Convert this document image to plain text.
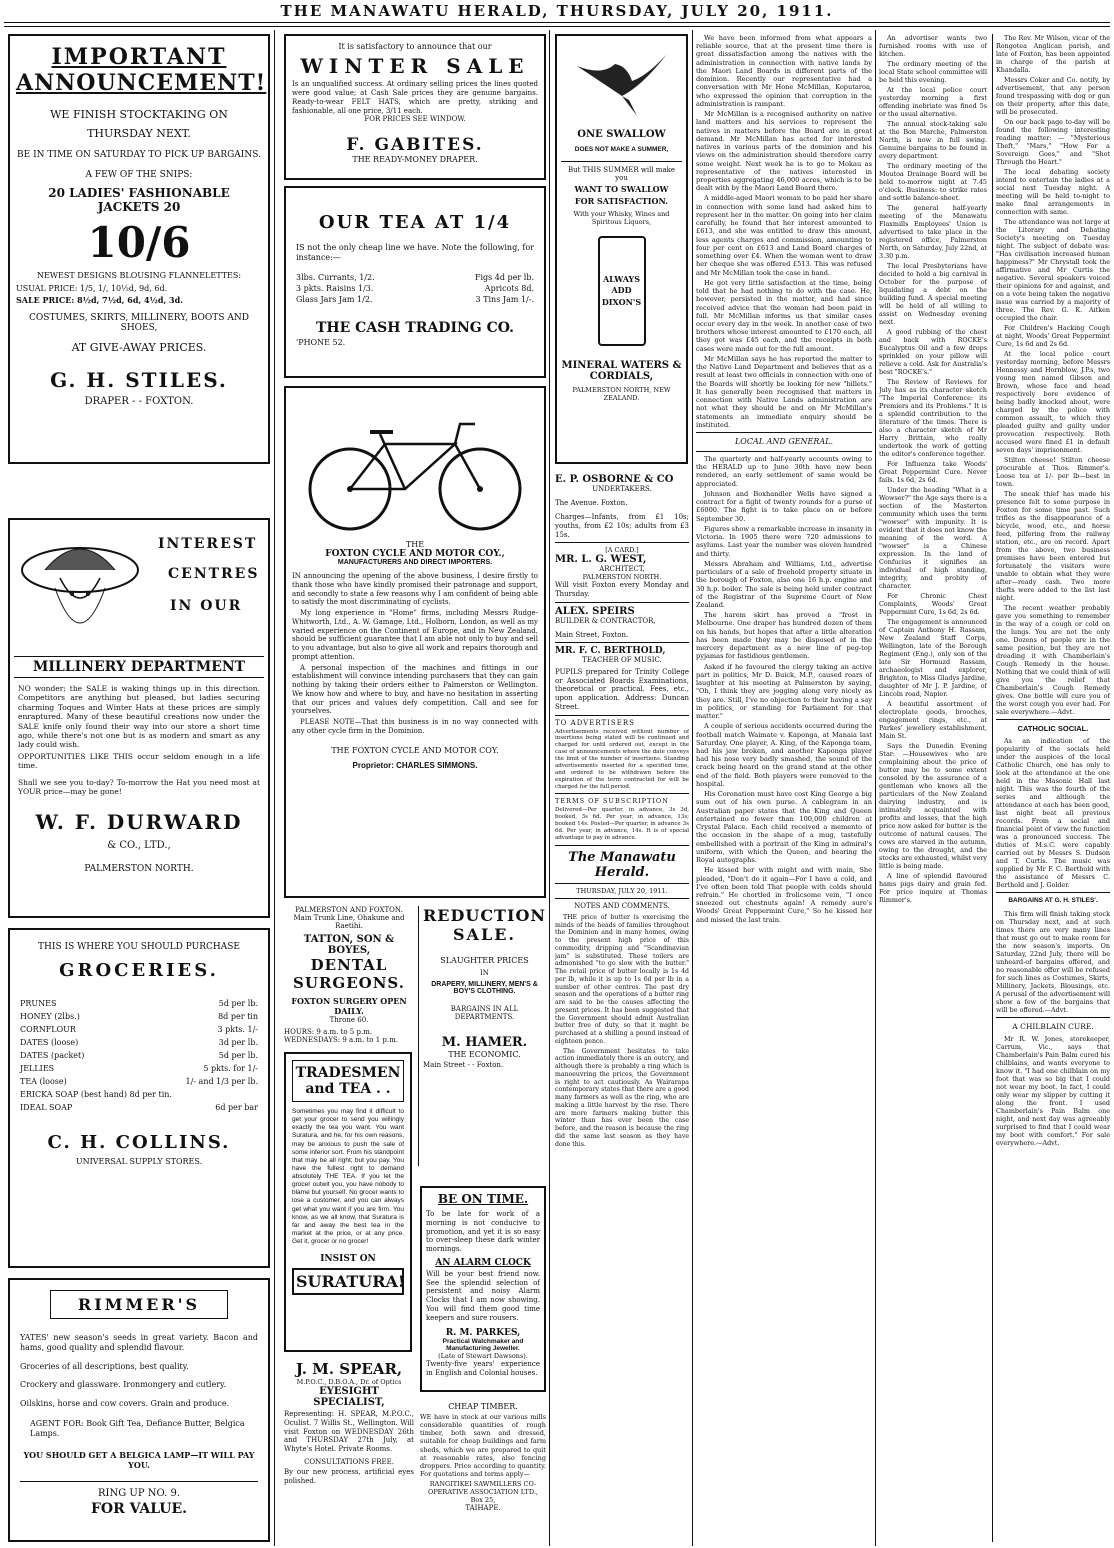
THE MANAWATU HERALD, THURSDAY, JULY 20, 1911.
IMPORTANT
ANNOUNCEMENT!
WE FINISH STOCKTAKING ON
THURSDAY NEXT.
BE IN TIME ON SATURDAY TO PICK UP BARGAINS.
A FEW OF THE SNIPS:
20 LADIES' FASHIONABLE JACKETS 20
10/6
NEWEST DESIGNS BLOUSING FLANNELETTES:
USUAL PRICE: 1/5, 1/, 10½d, 9d, 6d.
SALE PRICE: 8½d, 7½d, 6d, 4½d, 3d.
COSTUMES, SKIRTS, MILLINERY, BOOTS AND SHOES,
AT GIVE-AWAY PRICES.
G. H. STILES.
DRAPER - - FOXTON.
INTEREST
CENTRES
IN OUR
MILLINERY DEPARTMENT
NO wonder; the SALE is waking things up in this direction. Competitors are anything but pleased, but ladies securing charming Toques and Winter Hats at these prices are simply enraptured. Many of these beautiful creations now under the SALE knife only found their way into our store a short time ago, while there's not one but is as modern and smart as any lady could wish.
OPPORTUNITIES LIKE THIS occur seldom enough in a life time.
Shall we see you to-day? To-morrow the Hat you need most at YOUR price—may be gone!
W. F. DURWARD
& CO., LTD.,
PALMERSTON NORTH.
THIS IS WHERE YOU SHOULD PURCHASE
GROCERIES.
PRUNES	5d per lb.
HONEY (2lbs.)	8d per tin
CORNFLOUR	3 pkts. 1/-
DATES (loose)	3d per lb.
DATES (packet)	5d per lb.
JELLIES	5 pkts. for 1/-
TEA (loose)	1/- and 1/3 per lb.
ERICKA SOAP (best hand) 8d per tin.
IDEAL SOAP	6d per bar
C. H. COLLINS.
UNIVERSAL SUPPLY STORES.
RIMMER'S
YATES' new season's seeds in great variety. Bacon and hams, good quality and splendid flavour.
Groceries of all descriptions, best quality.
Crockery and glassware. Ironmongery and cutlery.
Oilskins, horse and cow covers. Grain and produce.
AGENT FOR: Book Gift Tea, Defiance Butter, Belgica Lamps.
YOU SHOULD GET A BELGICA LAMP—IT WILL PAY YOU.
RING UP NO. 9.
FOR VALUE.
It is satisfactory to announce that our
WINTER SALE
Is an unqualified success. At ordinary selling prices the lines quoted were good value; at Cash Sale prices they are genuine bargains. Ready-to-wear FELT HATS, which are pretty, striking and fashionable, all one price, 3/11 each.
FOR PRICES SEE WINDOW.
F. GABITES.
THE READY-MONEY DRAPER.
OUR TEA AT 1/4
IS not the only cheap line we have. Note the following, for instance:—
3lbs. Currants, 1/2.	Figs 4d per lb.
3 pkts. Raisins 1/3.	Apricots 8d.
Glass Jars Jam 1/2.	3 Tins Jam 1/-.
THE CASH TRADING CO.
'PHONE 52.
THE
FOXTON CYCLE AND MOTOR COY.,
MANUFACTURERS AND DIRECT IMPORTERS.
IN announcing the opening of the above business, I desire firstly to thank those who have kindly promised their patronage and support, and secondly to state a few reasons why I am confident of being able to satisfy the most discriminating of cyclists.
My long experience in "Home" firms, including Messrs Rudge-Whitworth, Ltd., A. W. Gamage, Ltd., Holborn, London, as well as my varied experience on the Continent of Europe, and in New Zealand, should be sufficient guarantee that I am able not only to buy and sell to you advantage, but also to give all work and repairs thorough and prompt attention.
A personal inspection of the machines and fittings in our establishment will convince intending purchasers that they can gain nothing by taking their orders either to Palmerston or Wellington. We know how and where to buy, and have no hesitation in asserting that our prices and values defy competition. Call and see for yourselves.
PLEASE NOTE—That this business is in no way connected with any other cycle firm in the Dominion.
THE FOXTON CYCLE AND MOTOR COY.
Proprietor: CHARLES SIMMONS.
PALMERSTON AND FOXTON.
Main Trunk Line, Ohakune and Raetihi.
TATTON, SON & BOYES,
DENTAL SURGEONS.
FOXTON SURGERY OPEN DAILY.
Throne 60.
HOURS: 9 a.m. to 5 p.m.
WEDNESDAYS: 9 a.m. to 1 p.m.
TRADESMEN and TEA . .
Sometimes you may find it difficult to get your grocer to send you willingly exactly the tea you want. You want Suratura, and he, for his own reasons, may be anxious to push the sale of some inferior sort. From his standpoint that may be all right; but you pay. You have the fullest right to demand absolutely THE TEA. If you let the grocer outwit you, you have nobody to blame but yourself. No grocer wants to lose a customer, and you can always get what you want if you are firm. You know, as we all know, that Suratura is far and away the best tea in the market at the price, or at any price. Get it, grocer or no grocer!
INSIST ON
SURATURA!
J. M. SPEAR,
M.P.O.C., D.B.O.A., Dr. of Optics
EYESIGHT SPECIALIST,
Representing: H. SPEAR, M.P.O.C., Oculist. 7 Willis St., Wellington. Will visit Foxton on WEDNESDAY 26th and THURSDAY 27th July, at Whyte's Hotel. Private Rooms.
CONSULTATIONS FREE.
By our new process, artificial eyes polished.
REDUCTION
SALE.
SLAUGHTER PRICES
IN
DRAPERY, MILLINERY, MEN'S & BOY'S CLOTHING.
BARGAINS IN ALL DEPARTMENTS.
M. HAMER.
THE ECONOMIC.
Main Street - - Foxton.
BE ON TIME.
To be late for work of a morning is not conducive to promotion, and yet it is so easy to over-sleep these dark winter mornings.
AN ALARM CLOCK
Will be your best friend now. See the splendid selection of persistent and noisy Alarm Clocks that I am now showing. You will find them good time keepers and sure rousers.
R. M. PARKES,
Practical Watchmaker and Manufacturing Jeweller.
(Late of Stewart Dawsons).
Twenty-five years' experience in English and Colonial houses.
CHEAP TIMBER.
WE have in stock at our various mills considerable quantities of rough timber, both sawn and dressed, suitable for cheap buildings and farm sheds, which we are prepared to quit at reasonable rates, also fencing droppers. Price according to quantity. For quotations and terms apply—
RANGITIKEI SAWMILLERS CO-OPERATIVE ASSOCIATION LTD.,
Box 25,
TAIHAPE.
ONE SWALLOW
DOES NOT MAKE A SUMMER,
But THIS SUMMER will make you
WANT TO SWALLOW
FOR SATISFACTION.
With your Whisky, Wines and Spiritous Liquors,
ALWAYS ADD DIXON'S
MINERAL WATERS & CORDIALS,
PALMERSTON NORTH, NEW ZEALAND.
E. P. OSBORNE & CO
UNDERTAKERS.
The Avenue. Foxton.
Charges—Infants, from £1 10s; youths, from £2 10s; adults from £3 15s.
[A CARD.]
MR. L. G. WEST,
ARCHITECT,
PALMERSTON NORTH.
Will visit Foxton every Monday and Thursday.
ALEX. SPEIRS
BUILDER & CONTRACTOR,
Main Street, Foxton.
MR. F. C. BERTHOLD,
TEACHER OF MUSIC.
PUPILS prepared for Trinity College or Associated Boards Examinations, theoretical or practical. Fees, etc., upon application. Address: Duncan Street.
TO ADVERTISERS
Advertisements received without number of insertions being stated will be continued and charged for until ordered out, except in the case of announcements where the date conveys the limit of the number of insertions. Standing advertisements inserted for a specified time, and ordered to be withdrawn before the expiration of the term contracted for will be charged for the full period.
TERMS OF SUBSCRIPTION
Delivered—Per quarter, in advance, 3s 3d, booked, 3s 6d. Per year, in advance, 13s; booked 14s. Posted—Per quarter, in advance 3s 6d. Per year, in advance, 14s. It is of special advantage to pay in advance.
The Manawatu Herald.
THURSDAY, JULY 20, 1911.
NOTES AND COMMENTS.

THE price of butter is exercising the minds of the heads of families throughout the Dominion and in many homes, owing to the present high price of this commodity, dripping and "Scandinavian jam" is substituted. These toilers are admonished "to go slow with the butter." The retail price of butter locally is 1s 4d per lb, while it is up to 1s 6d per lb in a number of other centres. The past dry season and the operations of a butter ring are said to be the causes affecting the present prices. It has been suggested that the Government should admit Australian butter free of duty, so that it might be purchased at a shilling a pound instead of eighteen pence.

The Government hesitates to take action immediately there is an outcry, and although there is probably a ring which is manoeuvring the prices, the Government is right to act cautiously. As Wairarapa contemporary states that there are a good many farmers as well as the ring, who are making a little harvest by the rise. There are more farmers making butter this winter than has ever been the case before, and the reason is because the ring did the same last season as they have done this.

We have been informed from what appears a reliable source, that at the present time there is great dissatisfaction among the natives with the administration in connection with native lands by the Maori Land Boards in different parts of the dominion. Recently our representative had a conversation with Mr Hone McMillan, Koputaroa, who expressed the opinion that corruption in the administration is rampant.

Mr McMillan is a recognised authority on native land matters and his services to represent the natives in matters before the Board are in great demand. Mr McMillan has acted for interested natives in various parts of the dominion and his views on the administration should therefore carry some weight. Next week he is to go to Mokau as representative of the natives interested in properties aggregating 46,000 acres, which is to be dealt with by the Maori Land Board there.

A middle-aged Maori woman to be paid her share in connection with some land had asked him to represent her in the matter. On going into her claim carefully, he found that her interest amounted to £613, and she was entitled to draw this amount, less agents charges and commission, amounting to four per cent on £613 and Land Board charges of something over £4. When the woman went to draw her cheque she was offered £513. This was refused and Mr McMillan took the case in hand.

He got very little satisfaction at the time, being told that he had nothing to do with the case. He, however, persisted in the matter, and had since received advice that the woman had been paid in full. Mr McMillan informs us that similar cases occur every day in the week. In another case of two brothers whose interest amounted to £170 each, all they got was £45 each, and the receipts in both cases were made out for the full amount.

Mr McMillan says he has reported the matter to the Native Land Department and believes that as a result at least two officials in connection with one of the Boards will shortly be looking for new "billets." It has generally been recognised that matters in connection with Native Lands administration are not what they should be and on Mr McMillan's statements an immediate enquiry should be instituted.

LOCAL AND GENERAL.

The quarterly and half-yearly accounts owing to the HERALD up to June 30th have now been rendered, an early settlement of same would be appreciated.

Johnson and Boxhandler Wells have signed a contract for a fight of twenty rounds for a purse of £6000. The fight is to take place on or before September 30.

Figures show a remarkable increase in insanity in Victoria. In 1905 there were 720 admissions to asylums. Last year the number was eleven hundred and thirty.

Messrs Abraham and Williams, Ltd., advertise particulars of a sale of freehold property situate in the borough of Foxton, also one 16 h.p. engine and 30 h.p. boiler. The sale is being held under contract of the Registrar of the Supreme Court of New Zealand.

The harem skirt has proved a "frost in Melbourne. One draper has hundred dozen of them on his hands, but hopes that after a little alteration has been made they may be disposed of in the mercery department as a new line of peg-top pyjamas for fastidious gentlemen.

Asked if he favoured the clergy taking an active part in politics, Mr D. Buick, M.P., caused roars of laughter at his meeting at Palmerston by saying, "Oh, I think they are jogging along very nicely as they are. Still, I've no objection to their having a say in politics, or standing for Parliament for that matter."

A couple of serious accidents occurred during the football match Waimate v. Kaponga, at Manaia last Saturday. One player, A. King, of the Kaponga team, had his jaw broken, and another Kaponga player had his nose very badly smashed, the sound of the crack being heard on the grand stand at the other end of the field. Both players were removed to the hospital.

His Coronation must have cost King George a big sum out of his own purse. A cablegram in an Australian paper states that the King and Queen entertained no fewer than 100,000 children at Crystal Palace. Each child received a memento of the occasion in the shape of a mug, tastefully embellished with a portrait of the King in admiral's uniform, with which the Queen, and bearing the Royal autographs.

He kissed her with might and with main, She pleaded, "Don't do it again—For I have a cold, and I've often been told That people with colds should refrain." He chortled in frolicsome vein, "I once sneezed out chestnuts again! A remedy sure's Woods' Great Peppermint Cure," So he kissed her and missed the last train.

An advertiser wants two furnished rooms with use of kitchen.

The ordinary meeting of the local State school committee will be held this evening.

At the local police court yesterday morning a first offending inebriate was fined 5s or the usual alternative.

The annual stock-taking sale at the Bon Marche, Palmerston North, is now in full swing. Genuine bargains to be found in every department.

The ordinary meeting of the Moutoa Drainage Board will be held to-morrow night at 7.45 o'clock. Business: to strike rates and settle balance-sheet.

The general half-yearly meeting of the Manawatu Flaxmills Employees' Union is advertised to take place in the registered office, Palmerston North, on Saturday, July 22nd, at 3.30 p.m.

The local Presbyterians have decided to hold a big carnival in October for the purpose of liquidating a debt on the building fund. A special meeting will be held of all willing to assist on Wednesday evening next.

A good rubbing of the chest and back with ROCKE's Eucalyptus Oil and a few drops sprinkled on your pillow will relieve a cold. Ask for Australia's best "ROCKE's."

The Review of Reviews for July has as its character sketch "The Imperial Conference: its Premiers and its Problems." It is a splendid contribution to the literature of the times. There is also a character sketch of Mr Harry Brittain, who really undertook the work of getting the editor's conference together.

For Influenza take Woods' Great Peppermint Cure. Never fails. 1s 6d, 2s 6d.

Under the heading "What is a Wowser?" the Age says there is a section of the Masterton community which uses the term "wowser" with impunity. It is evident that it does not know the meaning of the word. A "wowser" is a Chinese expression. In the land of Confucius it signifies an individual of high standing, integrity, and probity of character.

For Chronic Chest Complaints, Woods' Great Peppermint Cure, 1s 6d, 2s 6d.

The engagement is announced of Captain Anthony H. Rassam, New Zealand Staff Corps, Wellington, late of the Borough Regiment (Eng.), only son of the late Sir Hormuzd Rassam, archaeologist and explorer, Brighton, to Miss Gladys Jardine, daughter of Mr J. P. Jardine, of Lincoln road, Napier.

A beautiful assortment of electroplate goods, brooches, engagement rings, etc., at Parkes' jewellery establishment, Main St.

Says the Dunedin Evening Star: —Housewives who are complaining about the price of butter may be to some extent consoled by the assurance of a gentleman who knows all the particulars of the New Zealand dairying industry, and is intimately acquainted with profits and losses, that the high price now asked for butter is the outcome of natural causes. The cows are starved in the autumn, owing to the drought, and the stocks are exhausted, whilst very little is being made.

A line of splendid flavoured hams pigs dairy and grain fed. For price inquire at Thomas Rimmer's.

The Rev. Mr Wilson, vicar of the Rongotea Anglican parish, and late of Foxton, has been appointed in charge of the parish at Khandalla.

Messrs Coker and Co. notify, by advertisement, that any person found trespassing with dog or gun on their property, after this date, will be prosecuted.

On our back page to-day will be found the following interesting reading matter: — "Mysterious Theft," "Mars," "How For a Sovereign Goes," and "Shot Through the Heart."

The local debating society intend to entertain the ladies at a social next Tuesday night. A meeting will be held to-night to make final arrangements in connection with same.

The attendance was not large at the Literary and Debating Society's meeting on Tuesday night. The subject of debate was: "Has civilisation increased human happiness?" Mr Chrystall took the affirmative and Mr Curtis the negative. Several speakers voiced their opinions for and against, and on a vote being taken the negative issue was carried by a majority of three. The Rev. G. K. Aitken occupied the chair.

For Children's Hacking Cough at night, Woods' Great Peppermint Cure, 1s 6d and 2s 6d.

At the local police court yesterday morning, before Messrs Hennessy and Hornblow, J.P.s, two young men named Gibson and Brown, whose face and head respectively bore evidence of being badly knocked about, were charged by the police with common assault, to which they pleaded guilty and guilty under provocation respectively. Both accused were fined £1 in default seven days' imprisonment.

Stilton cheese! Stilton cheese procurable at Thos. Rimmer's. Loose tea at 1/- per lb—best in town.

The sneak thief has made his presence felt to some purpose in Foxton for some time past. Such trifles as the disappearance of a bicycle, wood, etc., and horse feed, pilfering from the railway station, etc., are on record. Apart from the above, two business premises have been entered but fortunately the visitors were unable to obtain what they were after—ready cash. Two more thefts were added to the list last night.

The recent weather probably gave you something to remember in the way of a cough or cold on the lungs. You are not the only one. Dozens of people are in the same position, but they are not dreading it with Chamberlain's Cough Remedy in the house. Nothing that we could think of will give you the relief that Chamberlain's Cough Remedy gives. One bottle will cure you of the worst cough you ever had. For sale everywhere.—Advt.

CATHOLIC SOCIAL.

As an indication of the popularity of the socials held under the auspices of the local Catholic Church, one has only to look at the attendance at the one held in the Masonic Hall last night. This was the fourth of the series and although the attendance at each has been good, last night beat all previous records. From a social and financial point of view the function was a pronounced success. The duties of M.s.C. were capably carried out by Messrs S. Dudson and T. Curtis. The music was supplied by Mr F. C. Berthold with the assistance of Messrs C. Berthold and J. Golder.

BARGAINS AT G. H. STILES'.

This firm will finish taking stock on Thursday next, and at such times there are very many lines that must go out to make room for the new season's imports. On Saturday, 22nd July, there will be unheard-of bargains offered, and no reasonable offer will be refused for such lines as Costumes, Skirts, Millinery, Jackets, Blousings, etc. A perusal of the advertisement will show a few of the bargains that will be offered.—Advt.

A CHILBLAIN CURE.

Mr R. W. Jones, storekeeper, Carrum, Vic., says that Chamberlain's Pain Balm cured his chilblains, and wants everyone to know it. "I had one chilblain on my foot that was so big that I could not wear my boot. In fact, I could only wear my slipper by cutting it along the front. I used Chamberlain's Pain Balm one night, and next day was agreeably surprised to find that I could wear my boot with comfort." For sale everywhere.—Advt.
